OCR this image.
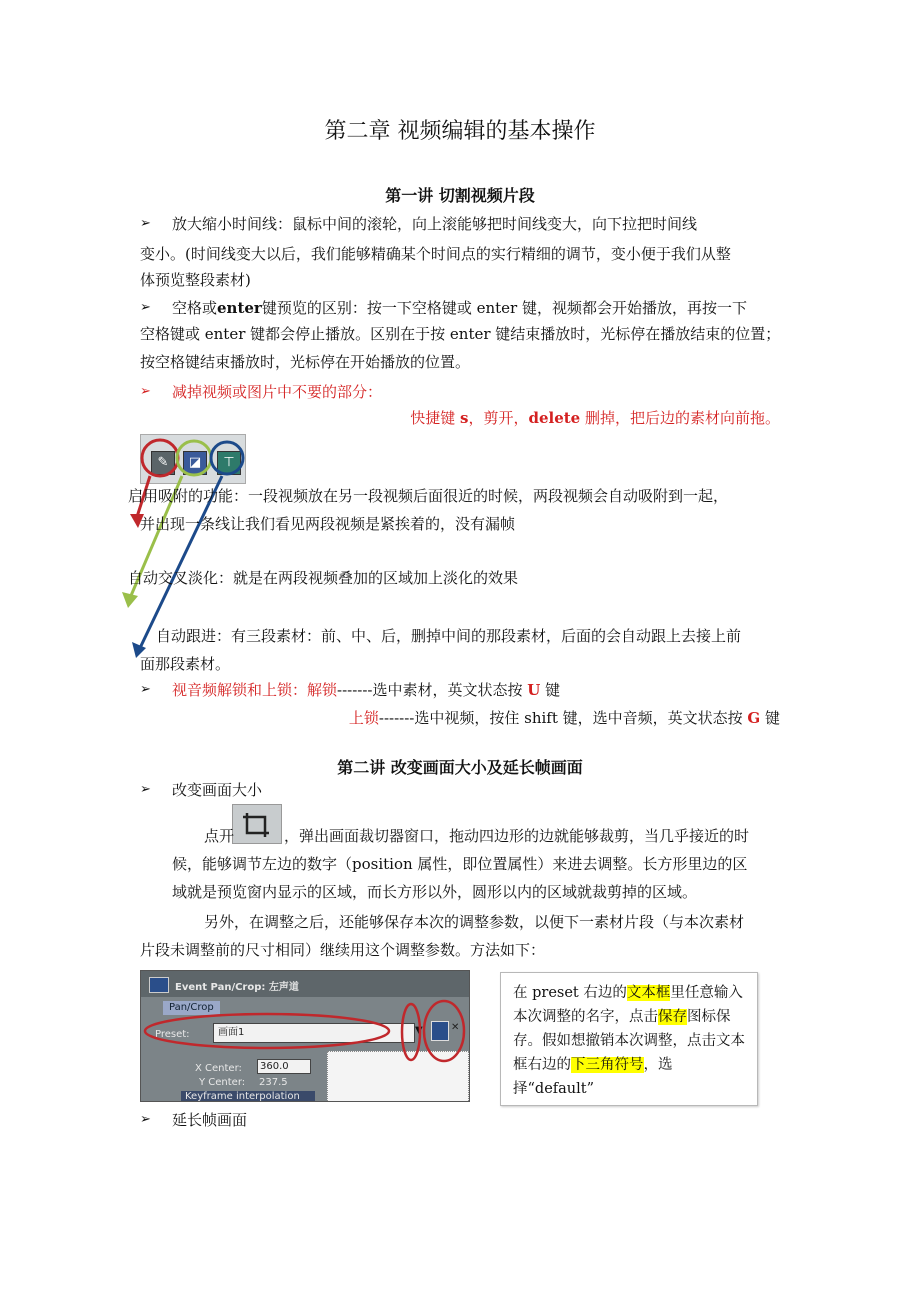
第二章 视频编辑的基本操作
第一讲 切割视频片段
➢ 放大缩小时间线：鼠标中间的滚轮，向上滚能够把时间线变大，向下拉把时间线
变小。(时间线变大以后，我们能够精确某个时间点的实行精细的调节，变小便于我们从整
体预览整段素材)
➢ 空格或enter键预览的区别：按一下空格键或 enter 键，视频都会开始播放，再按一下
空格键或 enter 键都会停止播放。区别在于按 enter 键结束播放时，光标停在播放结束的位置；
按空格键结束播放时，光标停在开始播放的位置。
➢ 减掉视频或图片中不要的部分：
快捷键 s，剪开，delete 删掉，把后边的素材向前拖。
✎	◪	⊤
启用吸附的功能：一段视频放在另一段视频后面很近的时候，两段视频会自动吸附到一起，
并出现一条线让我们看见两段视频是紧挨着的，没有漏帧
自动交叉淡化：就是在两段视频叠加的区域加上淡化的效果
自动跟进：有三段素材：前、中、后，删掉中间的那段素材，后面的会自动跟上去接上前
面那段素材。
➢ 视音频解锁和上锁：解锁-------选中素材，英文状态按 U 键
上锁-------选中视频，按住 shift 键，选中音频，英文状态按 G 键
第二讲 改变画面大小及延长帧画面
➢ 改变画面大小
点开	，弹出画面裁切器窗口，拖动四边形的边就能够裁剪，当几乎接近的时
候，能够调节左边的数字（position 属性，即位置属性）来进去调整。长方形里边的区
域就是预览窗内显示的区域，而长方形以外，圆形以内的区域就裁剪掉的区域。
另外，在调整之后，还能够保存本次的调整参数，以便下一素材片段（与本次素材
片段未调整前的尺寸相同）继续用这个调整参数。方法如下：
Event Pan/Crop: 左声道
Pan/Crop
Preset:	画面1	▼	✕
X Center:	360.0
Y Center: 237.5
Keyframe interpolation

在 preset 右边的文本框里任意输入本次调整的名字，点击保存图标保存。假如想撤销本次调整，点击文本框右边的下三角符号，选择“default”

➢ 延长帧画面
